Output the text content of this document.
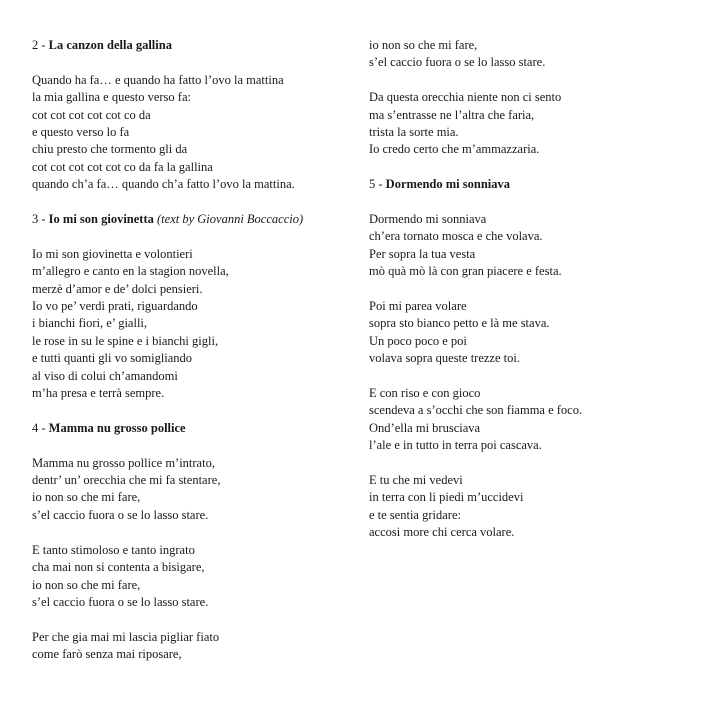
2 - La canzon della gallina
Quando ha fa… e quando ha fatto l’ovo la mattina
la mia gallina e questo verso fa:
cot cot cot cot cot co da
e questo verso lo fa
chiu presto che tormento gli da
cot cot cot cot cot co da fa la gallina
quando ch’a fa… quando ch’a fatto l’ovo la mattina.
3 - Io mi son giovinetta (text by Giovanni Boccaccio)
Io mi son giovinetta e volontieri
m’allegro e canto en la stagion novella,
merzè d’amor e de’ dolci pensieri.
Io vo pe’ verdi prati, riguardando
i bianchi fiori, e’ gialli,
le rose in su le spine e i bianchi gigli,
e tutti quanti gli vo somigliando
al viso di colui ch’amandomi
m’ha presa e terrà sempre.
4 - Mamma nu grosso pollice
Mamma nu grosso pollice m’intrato,
dentr’ un’ orecchia che mi fa stentare,
io non so che mi fare,
s’el caccio fuora o se lo lasso stare.
E tanto stimoloso e tanto ingrato
cha mai non si contenta a bisigare,
io non so che mi fare,
s’el caccio fuora o se lo lasso stare.
Per che gia mai mi lascia pigliar fiato
come farò senza mai riposare,
io non so che mi fare,
s’el caccio fuora o se lo lasso stare.
Da questa orecchia niente non ci sento
ma s’entrasse ne l’altra che faria,
trista la sorte mia.
Io credo certo che m’ammazzaria.
5 - Dormendo mi sonniava
Dormendo mi sonniava
ch’era tornato mosca e che volava.
Per sopra la tua vesta
mò quà mò là con gran piacere e festa.
Poi mi parea volare
sopra sto bianco petto e là me stava.
Un poco poco e poi
volava sopra queste trezze toi.
E con riso e con gioco
scendeva a s’occhi che son fiamma e foco.
Ond’ella mi brusciava
l’ale e in tutto in terra poi cascava.
E tu che mi vedevi
in terra con li piedi m’uccidevi
e te sentia gridare:
accosi more chi cerca volare.
